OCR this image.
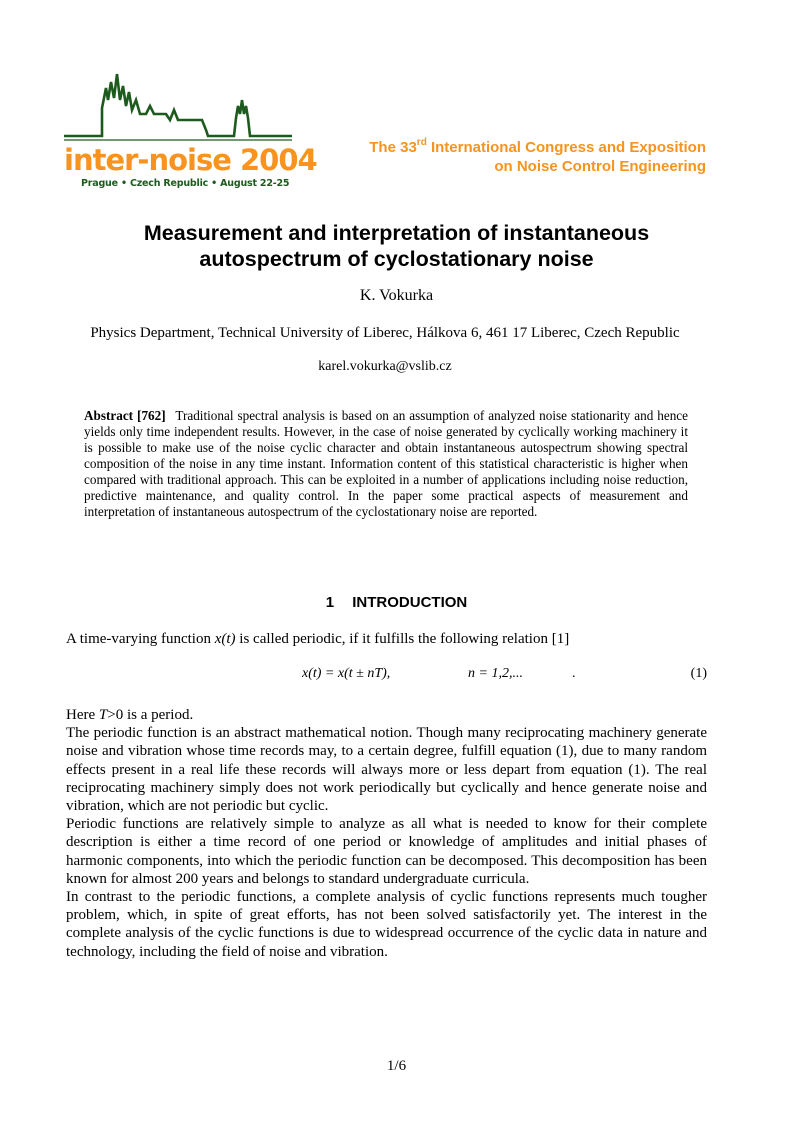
inter-noise 2004
Prague • Czech Republic • August 22-25
The 33rd International Congress and Exposition
on Noise Control Engineering
Measurement and interpretation of instantaneous
autospectrum of cyclostationary noise
K. Vokurka
Physics Department, Technical University of Liberec, Hálkova 6, 461 17 Liberec, Czech Republic
karel.vokurka@vslib.cz
Abstract [762] Traditional spectral analysis is based on an assumption of analyzed noise stationarity and hence yields only time independent results. However, in the case of noise generated by cyclically working machinery it is possible to make use of the noise cyclic character and obtain instantaneous autospectrum showing spectral composition of the noise in any time instant. Information content of this statistical characteristic is higher when compared with traditional approach. This can be exploited in a number of applications including noise reduction, predictive maintenance, and quality control. In the paper some practical aspects of measurement and interpretation of instantaneous autospectrum of the cyclostationary noise are reported.
1 INTRODUCTION
A time-varying function x(t) is called periodic, if it fulfills the following relation [1]
x(t) = x(t ± nT),	n = 1,2,...	.	(1)

Here T>0 is a period.

The periodic function is an abstract mathematical notion. Though many reciprocating machinery generate noise and vibration whose time records may, to a certain degree, fulfill equation (1), due to many random effects present in a real life these records will always more or less depart from equation (1). The real reciprocating machinery simply does not work periodically but cyclically and hence generate noise and vibration, which are not periodic but cyclic.

Periodic functions are relatively simple to analyze as all what is needed to know for their complete description is either a time record of one period or knowledge of amplitudes and initial phases of harmonic components, into which the periodic function can be decomposed. This decomposition has been known for almost 200 years and belongs to standard undergraduate curricula.

In contrast to the periodic functions, a complete analysis of cyclic functions represents much tougher problem, which, in spite of great efforts, has not been solved satisfactorily yet. The interest in the complete analysis of the cyclic functions is due to widespread occurrence of the cyclic data in nature and technology, including the field of noise and vibration.

1/6
